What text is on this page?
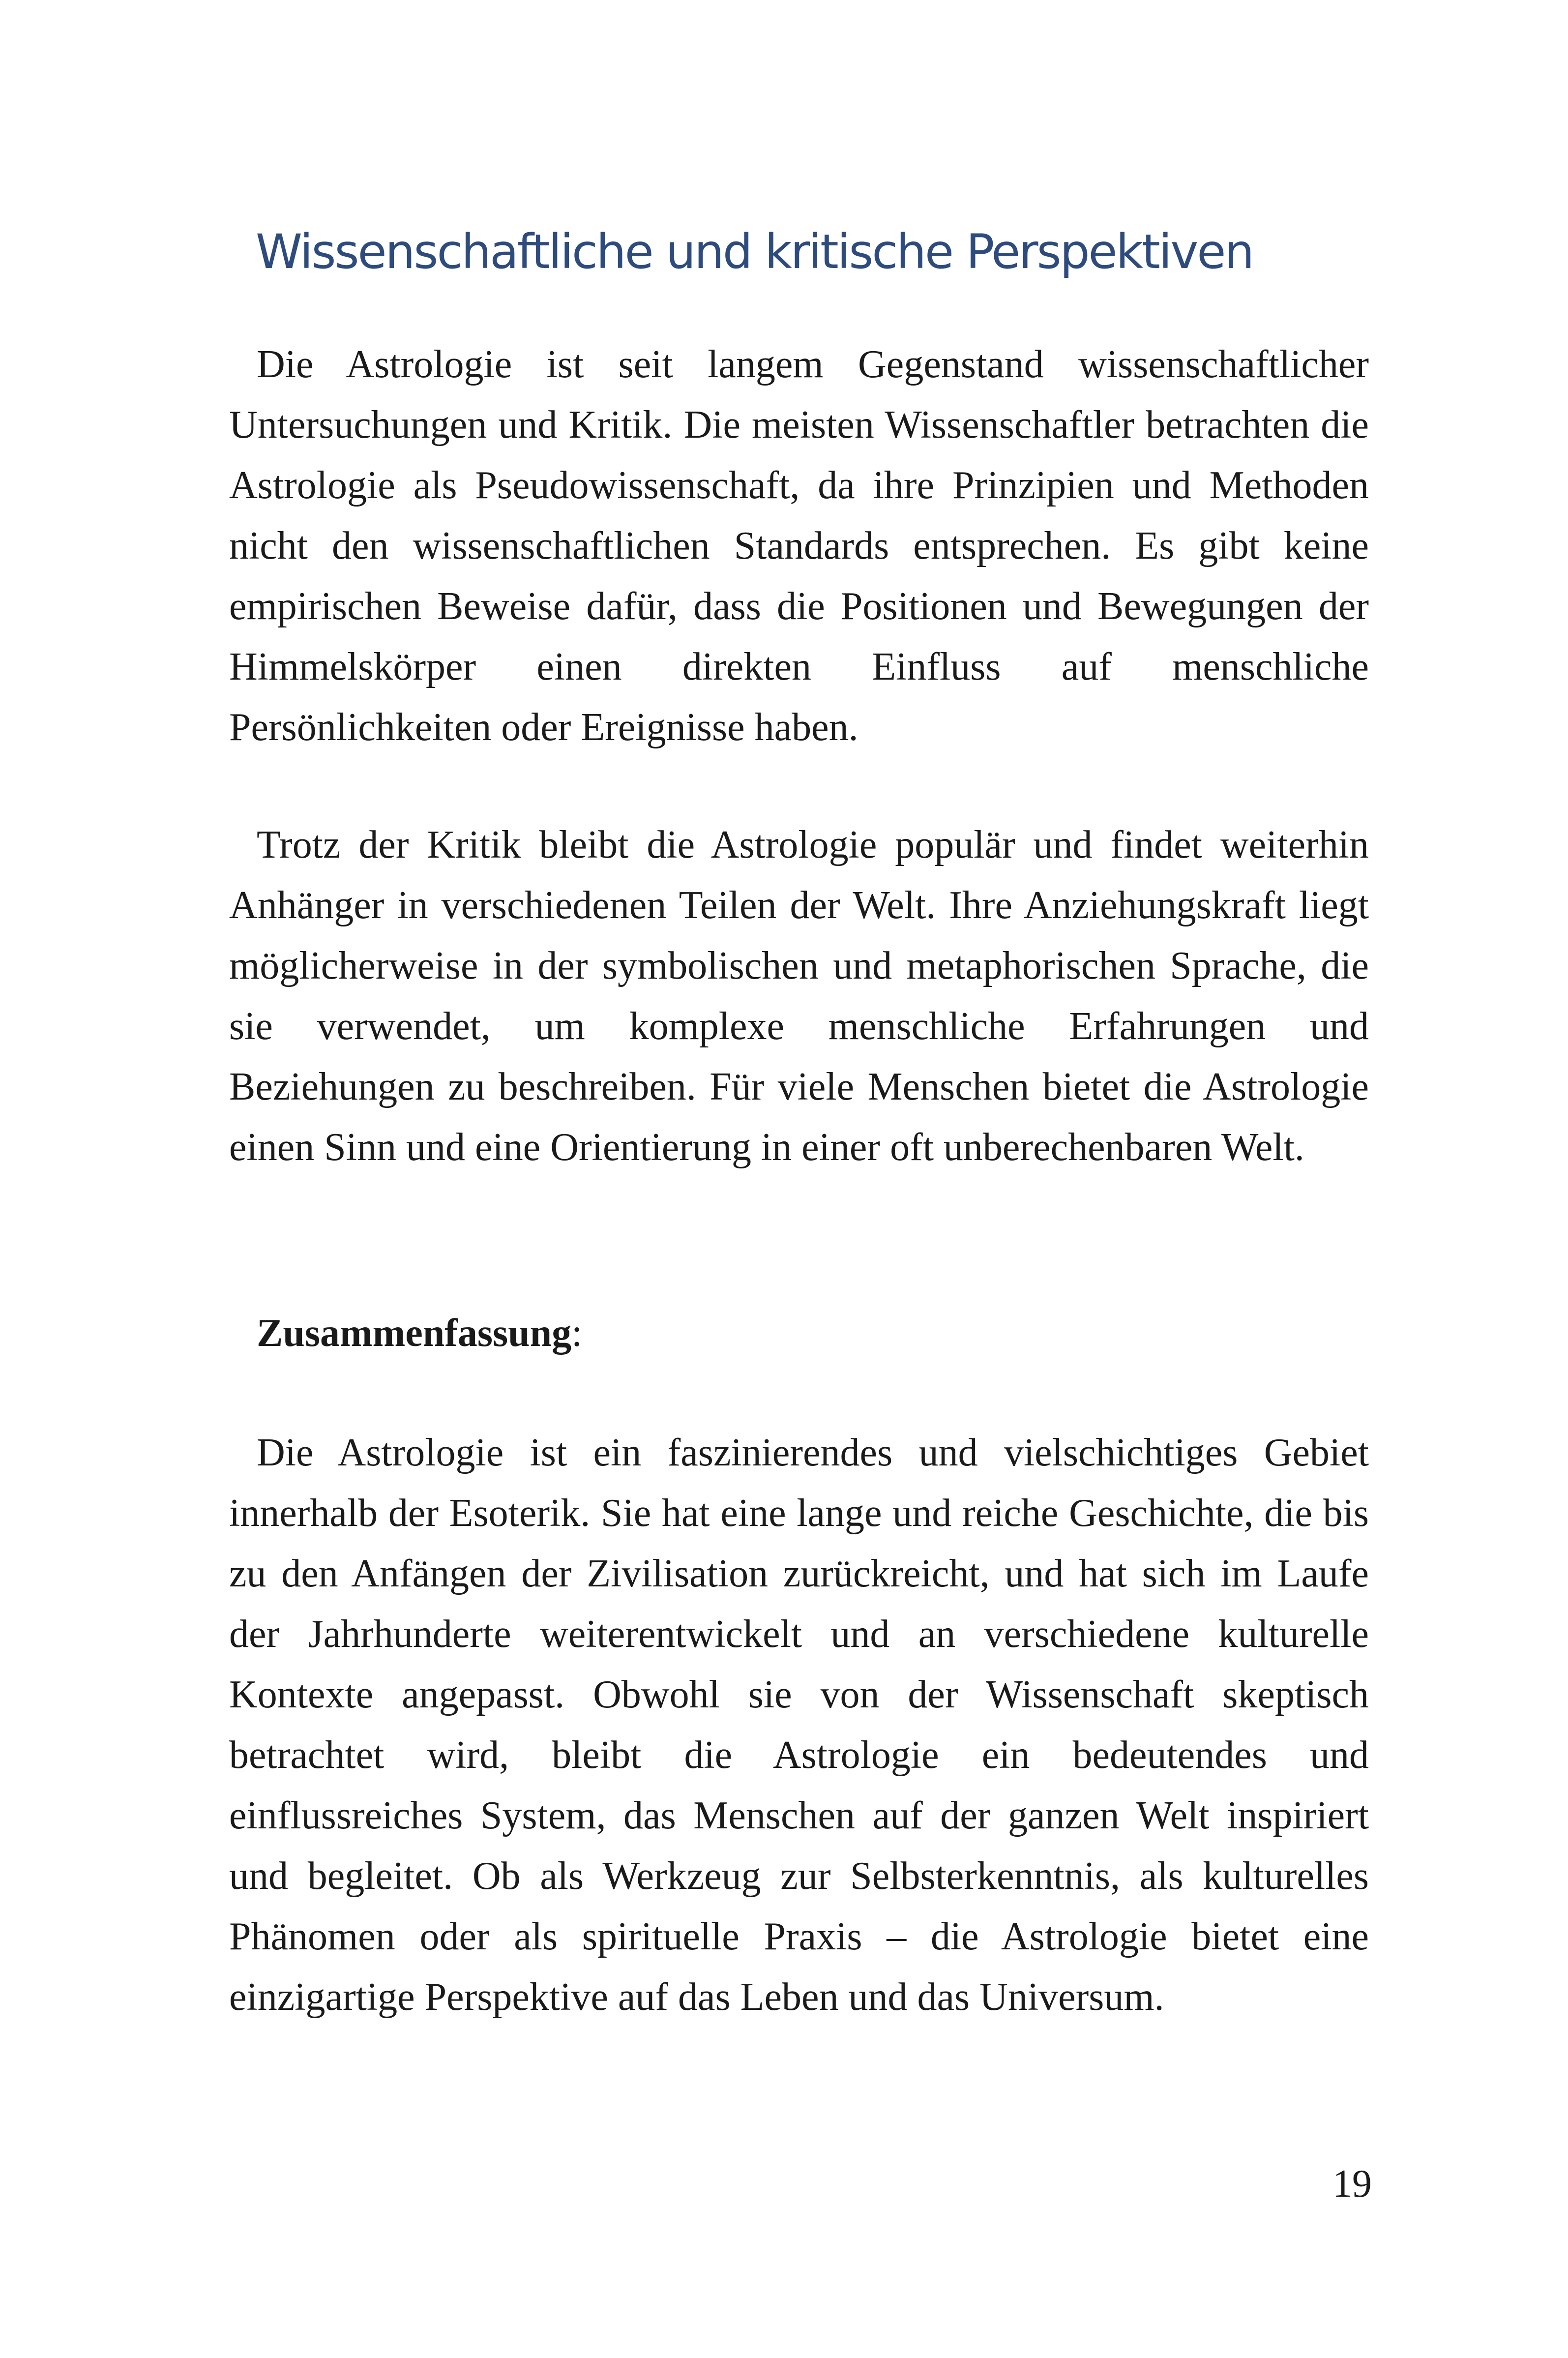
Wissenschaftliche und kritische Perspektiven

Die Astrologie ist seit langem Gegenstand wissenschaftlicher Untersuchungen und Kritik. Die meisten Wissenschaftler betrachten die Astrologie als Pseudowissenschaft, da ihre Prinzipien und Methoden nicht den wissenschaftlichen Standards entsprechen. Es gibt keine empirischen Beweise dafür, dass die Positionen und Bewegungen der Himmelskörper einen direkten Einfluss auf menschliche Persönlichkeiten oder Ereignisse haben.

Trotz der Kritik bleibt die Astrologie populär und findet weiterhin Anhänger in verschiedenen Teilen der Welt. Ihre Anziehungskraft liegt möglicherweise in der symbolischen und metaphorischen Sprache, die sie verwendet, um komplexe menschliche Erfahrungen und Beziehungen zu beschreiben. Für viele Menschen bietet die Astrologie einen Sinn und eine Orientierung in einer oft unberechenbaren Welt.

Zusammenfassung:

Die Astrologie ist ein faszinierendes und vielschichtiges Gebiet innerhalb der Esoterik. Sie hat eine lange und reiche Geschichte, die bis zu den Anfängen der Zivilisation zurückreicht, und hat sich im Laufe der Jahrhunderte weiterentwickelt und an verschiedene kulturelle Kontexte angepasst. Obwohl sie von der Wissenschaft skeptisch betrachtet wird, bleibt die Astrologie ein bedeutendes und einflussreiches System, das Menschen auf der ganzen Welt inspiriert und begleitet. Ob als Werkzeug zur Selbsterkenntnis, als kulturelles Phänomen oder als spirituelle Praxis – die Astrologie bietet eine einzigartige Perspektive auf das Leben und das Universum.

19
